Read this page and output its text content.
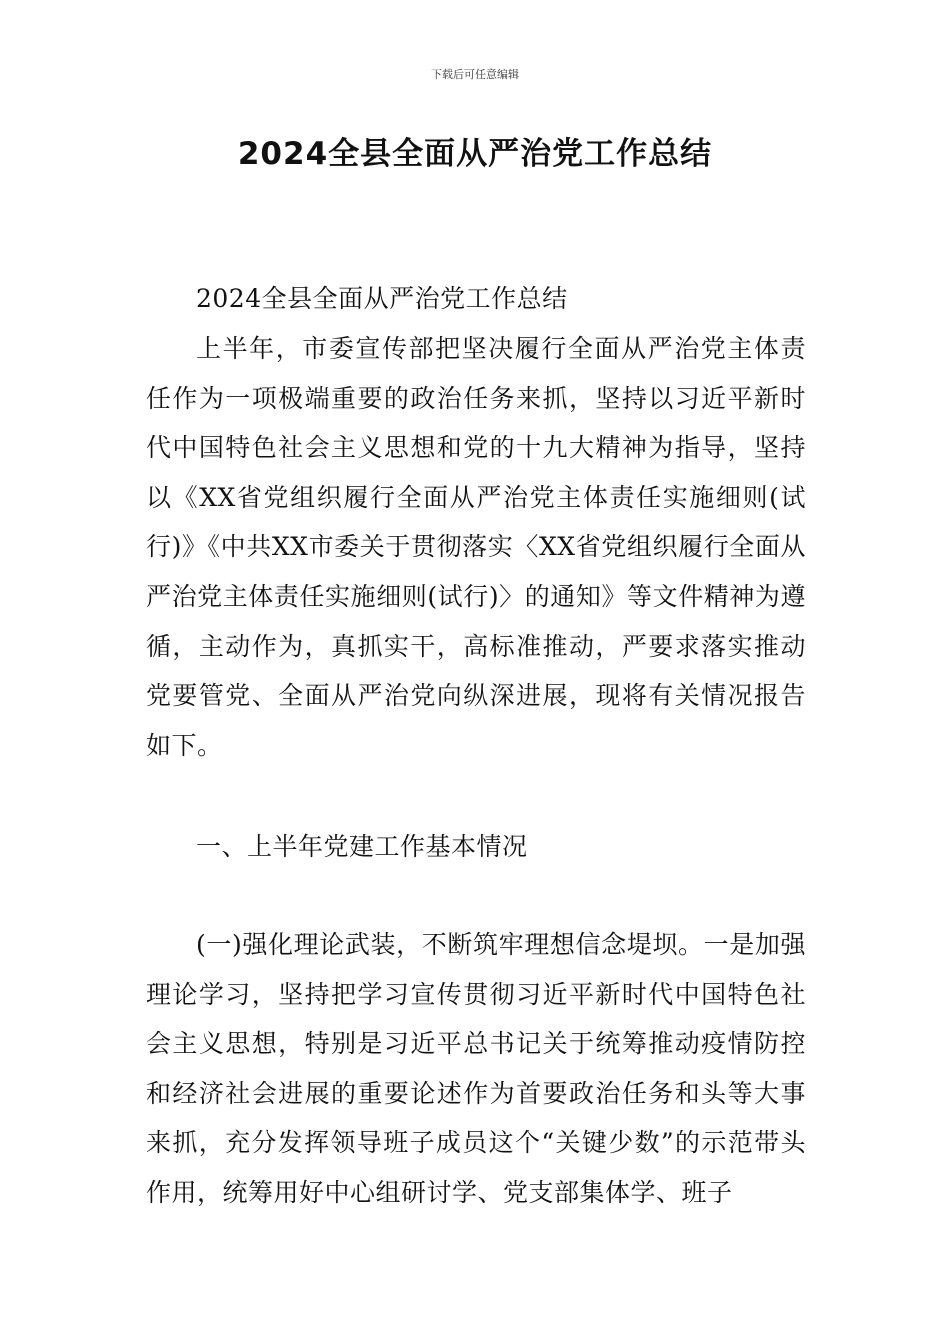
下载后可任意编辑
2024全县全面从严治党工作总结

2024全县全面从严治党工作总结

上半年，市委宣传部把坚决履行全面从严治党主体责任作为一项极端重要的政治任务来抓，坚持以习近平新时代中国特色社会主义思想和党的十九大精神为指导，坚持以《XX省党组织履行全面从严治党主体责任实施细则(试行)》《中共XX市委关于贯彻落实〈XX省党组织履行全面从严治党主体责任实施细则(试行)〉的通知》等文件精神为遵循，主动作为，真抓实干，高标准推动，严要求落实推动党要管党、全面从严治党向纵深进展，现将有关情况报告如下。

一、上半年党建工作基本情况

(一)强化理论武装，不断筑牢理想信念堤坝。一是加强理论学习，坚持把学习宣传贯彻习近平新时代中国特色社会主义思想，特别是习近平总书记关于统筹推动疫情防控和经济社会进展的重要论述作为首要政治任务和头等大事来抓，充分发挥领导班子成员这个“关键少数”的示范带头作用，统筹用好中心组研讨学、党支部集体学、班子
